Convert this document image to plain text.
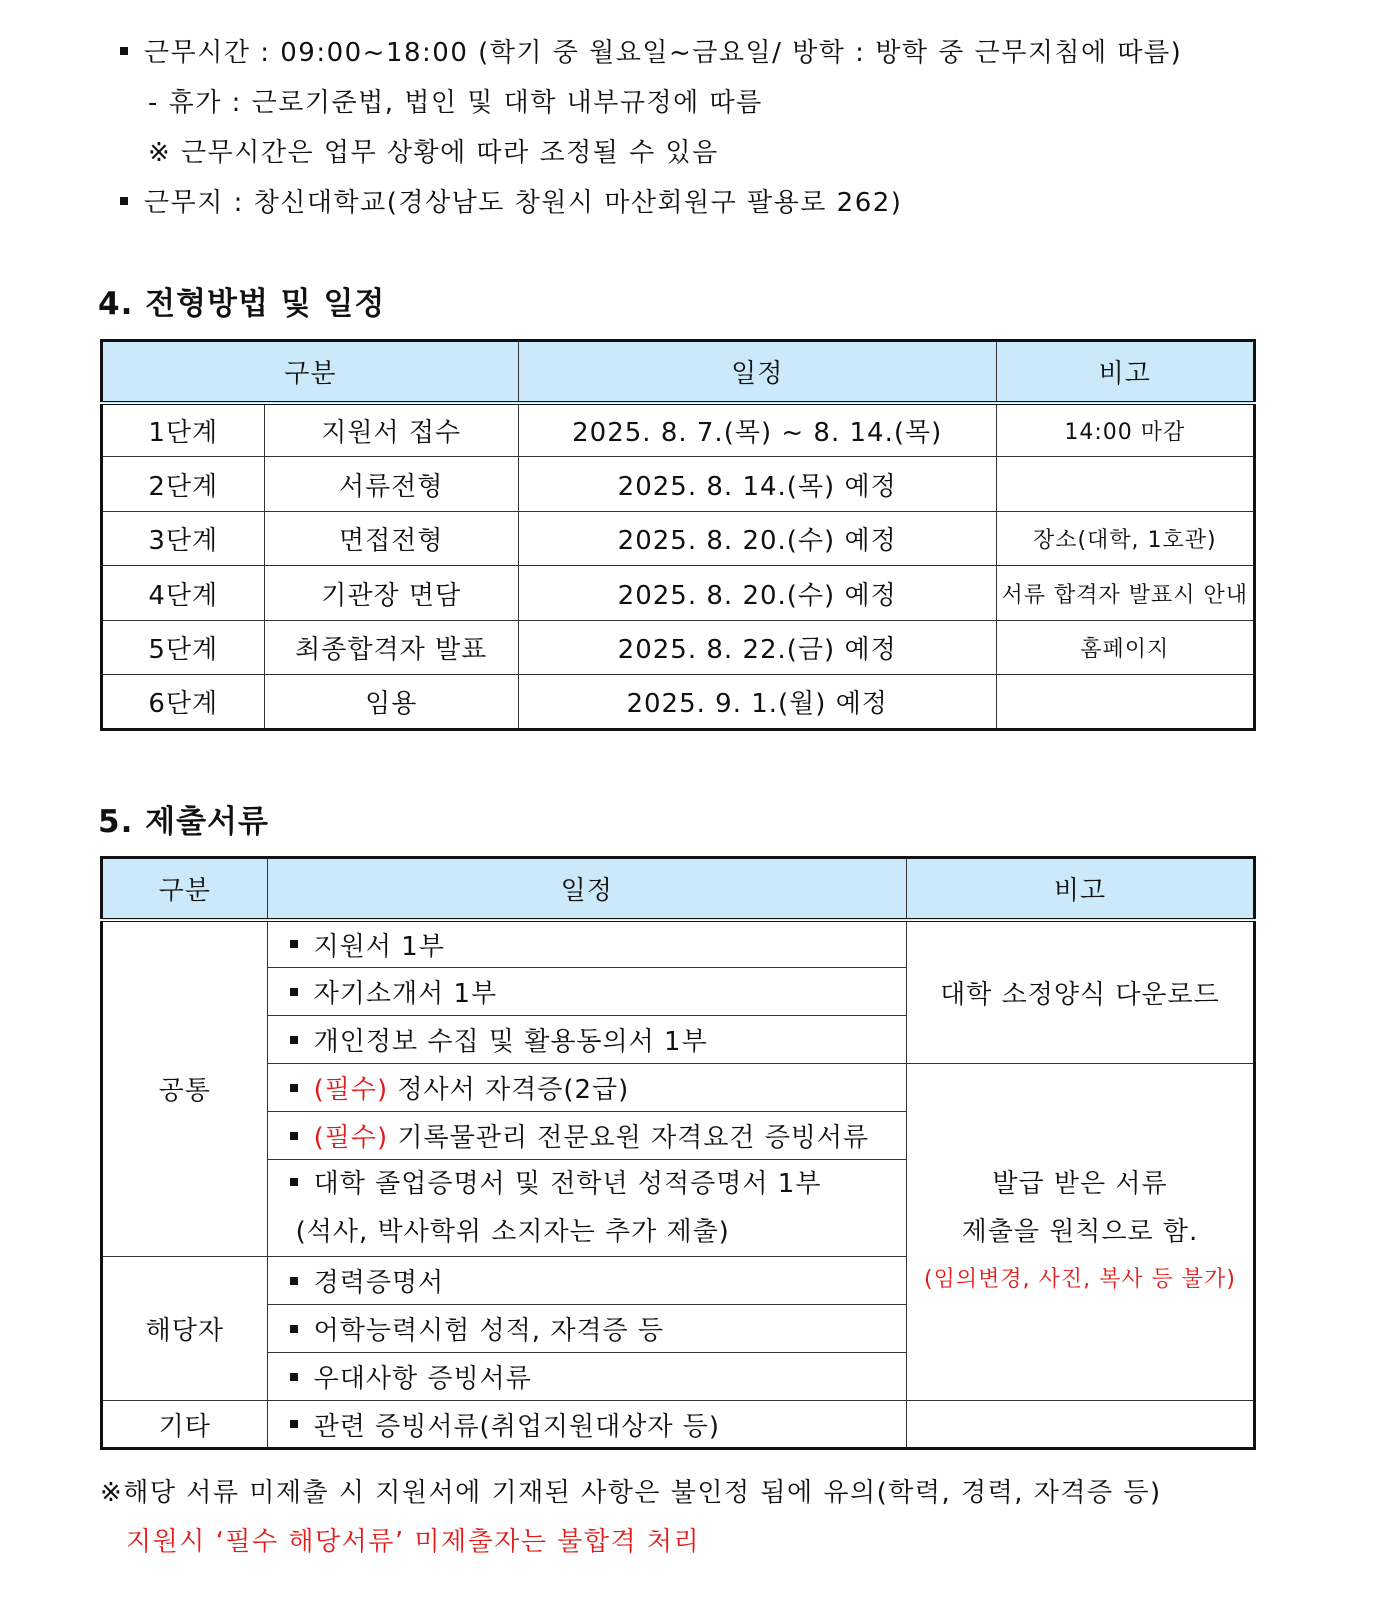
근무시간 : 09:00~18:00 (학기 중 월요일~금요일/ 방학 : 방학 중 근무지침에 따름)
- 휴가 : 근로기준법, 법인 및 대학 내부규정에 따름
※ 근무시간은 업무 상황에 따라 조정될 수 있음
근무지 : 창신대학교(경상남도 창원시 마산회원구 팔용로 262)
4. 전형방법 및 일정
구분		일정	비고
1단계	지원서 접수	2025. 8. 7.(목) ~ 8. 14.(목)	14:00 마감
2단계	서류전형	2025. 8. 14.(목) 예정	
3단계	면접전형	2025. 8. 20.(수) 예정	장소(대학, 1호관)
4단계	기관장 면담	2025. 8. 20.(수) 예정	서류 합격자 발표시 안내
5단계	최종합격자 발표	2025. 8. 22.(금) 예정	홈페이지
6단계	임용	2025. 9. 1.(월) 예정	
5. 제출서류
구분	일정	비고
공통	지원서 1부	대학 소정양식 다운로드
	자기소개서 1부	
	개인정보 수집 및 활용동의서 1부	
	(필수) 정사서 자격증(2급)	발급 받은 서류
제출을 원칙으로 함.
(임의변경, 사진, 복사 등 불가)

	(필수) 기록물관리 전문요원 자격요건 증빙서류	
	대학 졸업증명서 및 전학년 성적증명서 1부
(석사, 박사학위 소지자는 추가 제출)	

해당자	경력증명서	
	어학능력시험 성적, 자격증 등	
	우대사항 증빙서류	
기타	관련 증빙서류(취업지원대상자 등)	
※해당 서류 미제출 시 지원서에 기재된 사항은 불인정 됨에 유의(학력, 경력, 자격증 등)
지원시 ‘필수 해당서류’ 미제출자는 불합격 처리
